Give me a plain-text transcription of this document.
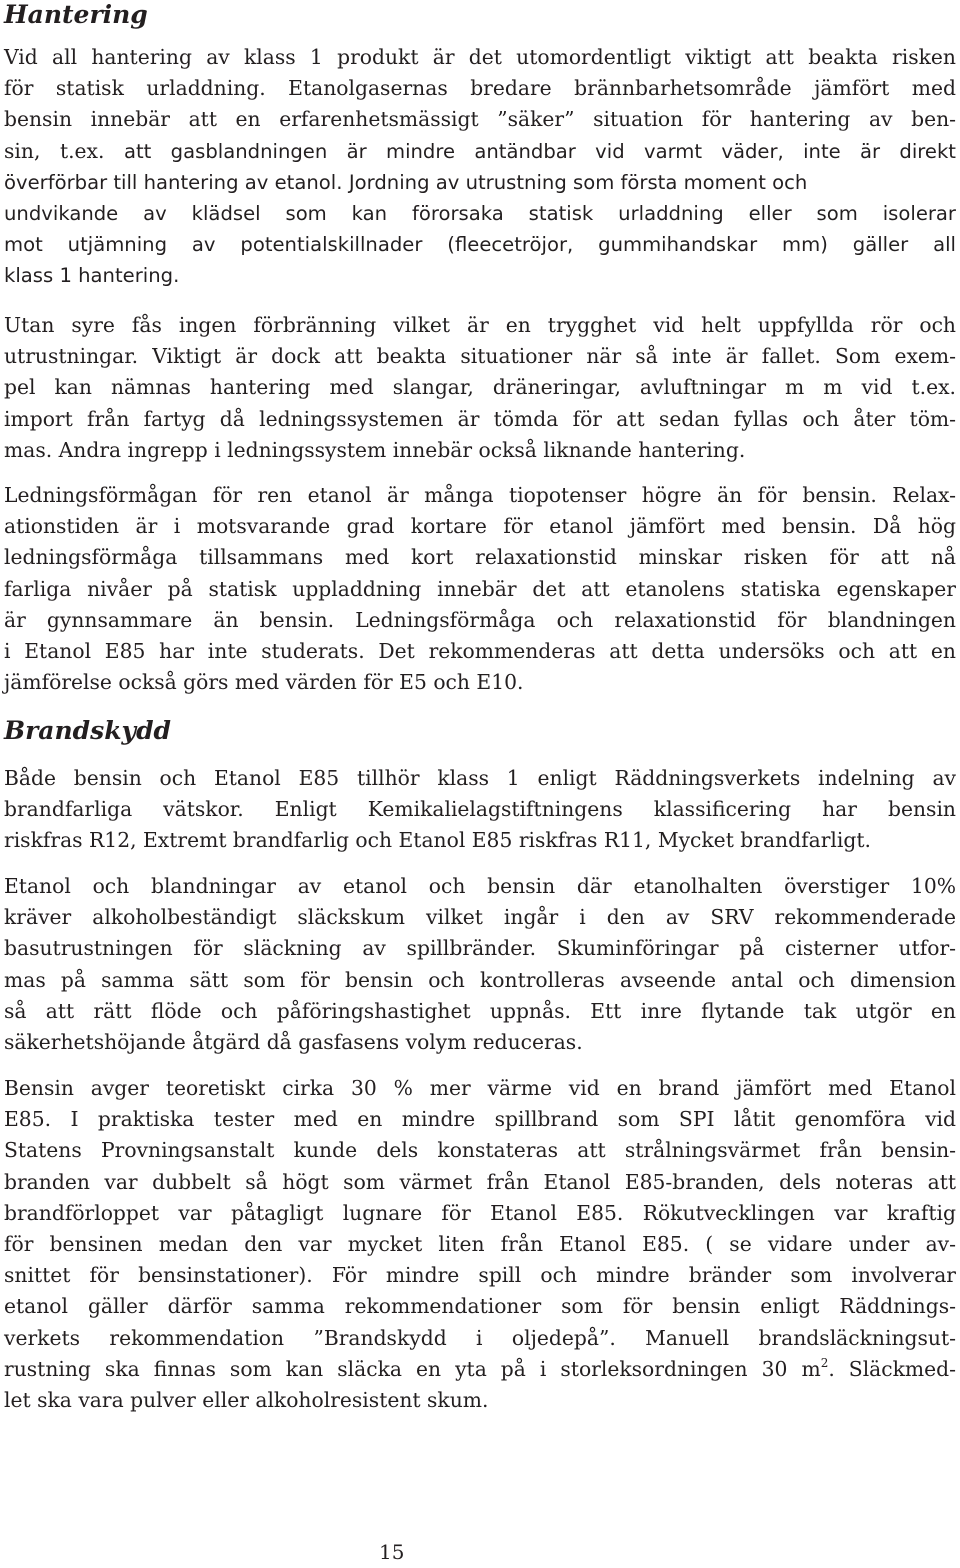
Hantering

Vid all hantering av klass 1 produkt är det utomordentligt viktigt att beakta risken
för statisk urladdning. Etanolgasernas bredare brännbarhetsområde jämfört med
bensin innebär att en erfarenhetsmässigt ”säker” situation för hantering av ben-
sin, t.ex. att gasblandningen är mindre antändbar vid varmt väder, inte är direkt
överförbar till hantering av etanol. Jordning av utrustning som första moment och
undvikande av klädsel som kan förorsaka statisk urladdning eller som isolerar
mot utjämning av potentialskillnader (fleecetröjor, gummihandskar mm) gäller all
klass 1 hantering.

Utan syre fås ingen förbränning vilket är en trygghet vid helt uppfyllda rör och
utrustningar. Viktigt är dock att beakta situationer när så inte är fallet. Som exem-
pel kan nämnas hantering med slangar, dräneringar, avluftningar m m vid t.ex.
import från fartyg då ledningssystemen är tömda för att sedan fyllas och åter töm-
mas. Andra ingrepp i ledningssystem innebär också liknande hantering.

Ledningsförmågan för ren etanol är många tiopotenser högre än för bensin. Relax-
ationstiden är i motsvarande grad kortare för etanol jämfört med bensin. Då hög
ledningsförmåga tillsammans med kort relaxationstid minskar risken för att nå
farliga nivåer på statisk uppladdning innebär det att etanolens statiska egenskaper
är gynnsammare än bensin. Ledningsförmåga och relaxationstid för blandningen
i Etanol E85 har inte studerats. Det rekommenderas att detta undersöks och att en
jämförelse också görs med värden för E5 och E10.

Brandskydd

Både bensin och Etanol E85 tillhör klass 1 enligt Räddningsverkets indelning av
brandfarliga vätskor. Enligt Kemikalielagstiftningens klassificering har bensin
riskfras R12, Extremt brandfarlig och Etanol E85 riskfras R11, Mycket brandfarligt.

Etanol och blandningar av etanol och bensin där etanolhalten överstiger 10%
kräver alkoholbeständigt släckskum vilket ingår i den av SRV rekommenderade
basutrustningen för släckning av spillbränder. Skuminföringar på cisterner utfor-
mas på samma sätt som för bensin och kontrolleras avseende antal och dimension
så att rätt flöde och påföringshastighet uppnås. Ett inre flytande tak utgör en
säkerhetshöjande åtgärd då gasfasens volym reduceras.

Bensin avger teoretiskt cirka 30 % mer värme vid en brand jämfört med Etanol
E85. I praktiska tester med en mindre spillbrand som SPI låtit genomföra vid
Statens Provningsanstalt kunde dels konstateras att strålningsvärmet från bensin-
branden var dubbelt så högt som värmet från Etanol E85-branden, dels noteras att
brandförloppet var påtagligt lugnare för Etanol E85. Rökutvecklingen var kraftig
för bensinen medan den var mycket liten från Etanol E85. ( se vidare under av-
snittet för bensinstationer). För mindre spill och mindre bränder som involverar
etanol gäller därför samma rekommendationer som för bensin enligt Räddnings-
verkets rekommendation ”Brandskydd i oljedepå”. Manuell brandsläckningsut-
rustning ska finnas som kan släcka en yta på i storleksordningen 30 $m^2$. Släckmed-
let ska vara pulver eller alkoholresistent skum.

15
